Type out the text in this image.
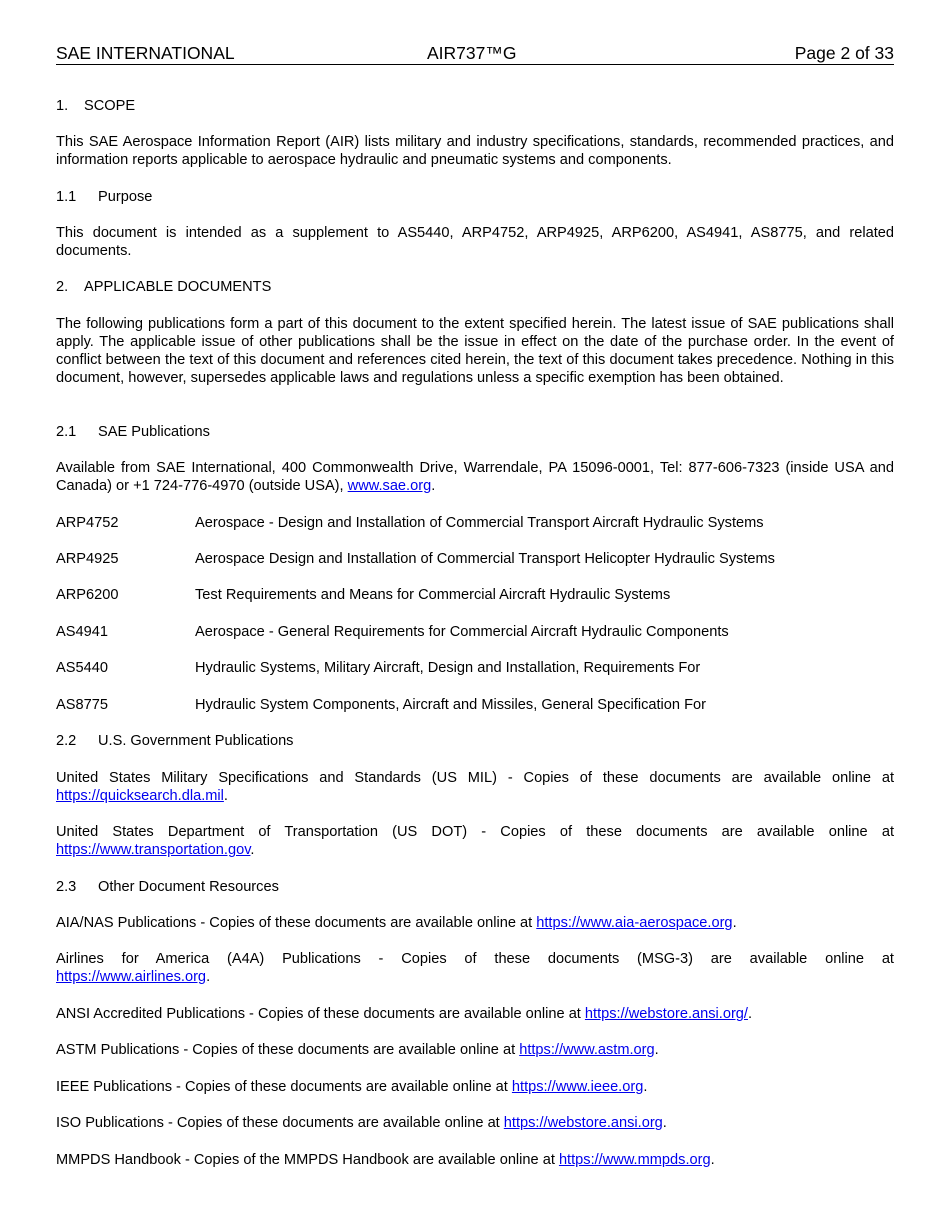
SAE INTERNATIONAL	AIR737™G	Page 2 of 33
1. SCOPE
This SAE Aerospace Information Report (AIR) lists military and industry specifications, standards, recommended practices, and information reports applicable to aerospace hydraulic and pneumatic systems and components.
1.1 Purpose
This document is intended as a supplement to AS5440, ARP4752, ARP4925, ARP6200, AS4941, AS8775, and related documents.
2. APPLICABLE DOCUMENTS
The following publications form a part of this document to the extent specified herein. The latest issue of SAE publications shall apply. The applicable issue of other publications shall be the issue in effect on the date of the purchase order. In the event of conflict between the text of this document and references cited herein, the text of this document takes precedence. Nothing in this document, however, supersedes applicable laws and regulations unless a specific exemption has been obtained.
2.1 SAE Publications
Available from SAE International, 400 Commonwealth Drive, Warrendale, PA 15096-0001, Tel: 877-606-7323 (inside USA and Canada) or +1 724-776-4970 (outside USA), www.sae.org.
ARP4752	Aerospace - Design and Installation of Commercial Transport Aircraft Hydraulic Systems
ARP4925	Aerospace Design and Installation of Commercial Transport Helicopter Hydraulic Systems
ARP6200	Test Requirements and Means for Commercial Aircraft Hydraulic Systems
AS4941	Aerospace - General Requirements for Commercial Aircraft Hydraulic Components
AS5440	Hydraulic Systems, Military Aircraft, Design and Installation, Requirements For
AS8775	Hydraulic System Components, Aircraft and Missiles, General Specification For
2.2 U.S. Government Publications
United States Military Specifications and Standards (US MIL) - Copies of these documents are available online at
https://quicksearch.dla.mil.
United States Department of Transportation (US DOT) - Copies of these documents are available online at
https://www.transportation.gov.
2.3 Other Document Resources
AIA/NAS Publications - Copies of these documents are available online at https://www.aia-aerospace.org.
Airlines for America (A4A) Publications - Copies of these documents (MSG-3) are available online at
https://www.airlines.org.
ANSI Accredited Publications - Copies of these documents are available online at https://webstore.ansi.org/.
ASTM Publications - Copies of these documents are available online at https://www.astm.org.
IEEE Publications - Copies of these documents are available online at https://www.ieee.org.
ISO Publications - Copies of these documents are available online at https://webstore.ansi.org.
MMPDS Handbook - Copies of the MMPDS Handbook are available online at https://www.mmpds.org.
